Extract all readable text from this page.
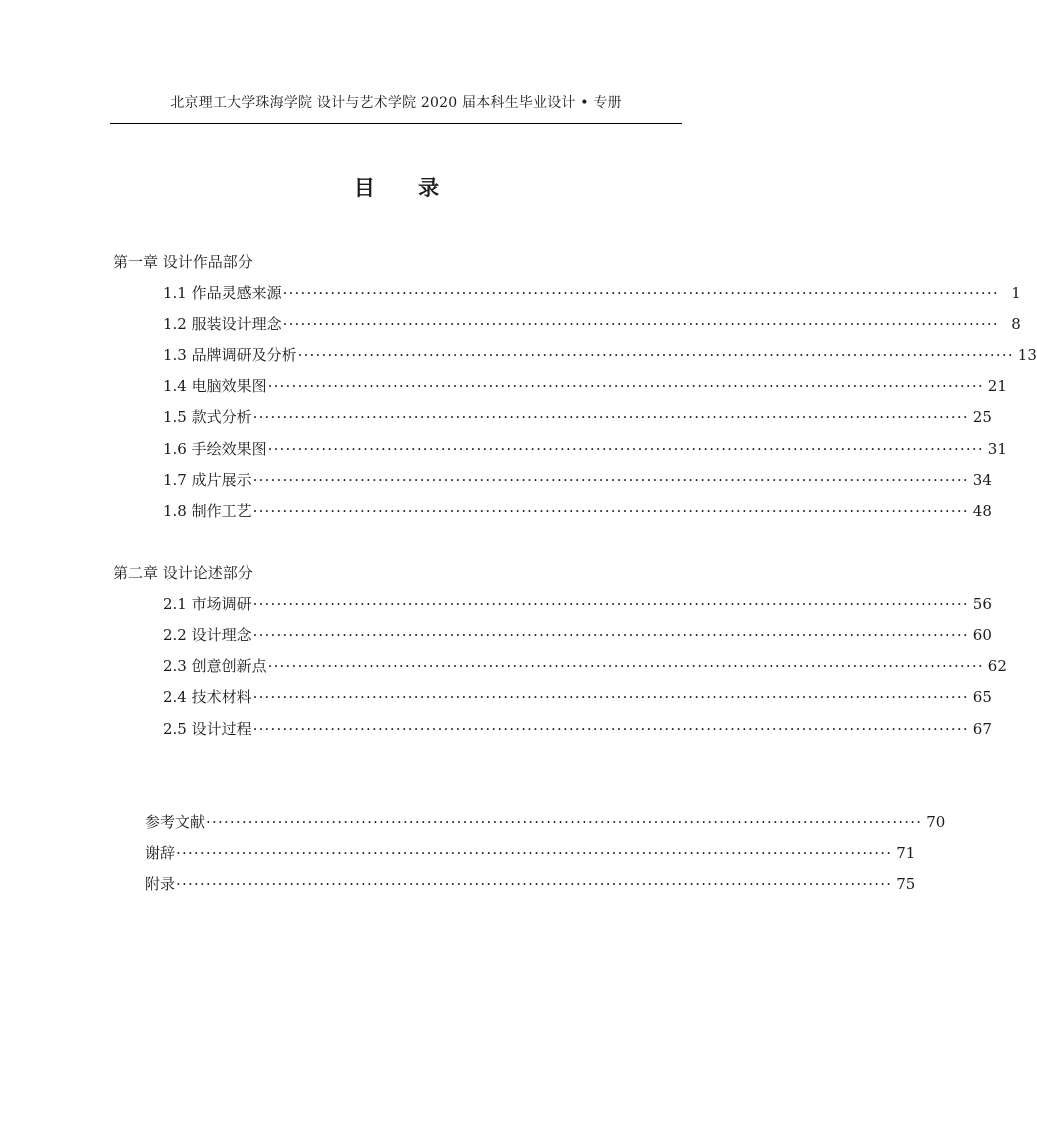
北京理工大学珠海学院 设计与艺术学院 2020 届本科生毕业设计 • 专册
目 录
第一章 设计作品部分
1.1 作品灵感来源 ························································································································ 1
1.2 服装设计理念 ························································································································ 8
1.3 品牌调研及分析 ························································································································ 13
1.4 电脑效果图 ························································································································ 21
1.5 款式分析 ························································································································ 25
1.6 手绘效果图 ························································································································ 31
1.7 成片展示 ························································································································ 34
1.8 制作工艺 ························································································································ 48
第二章 设计论述部分
2.1 市场调研 ························································································································ 56
2.2 设计理念 ························································································································ 60
2.3 创意创新点 ························································································································ 62
2.4 技术材料 ························································································································ 65
2.5 设计过程 ························································································································ 67
参考文献 ························································································································ 70
谢辞 ························································································································ 71
附录 ························································································································ 75
